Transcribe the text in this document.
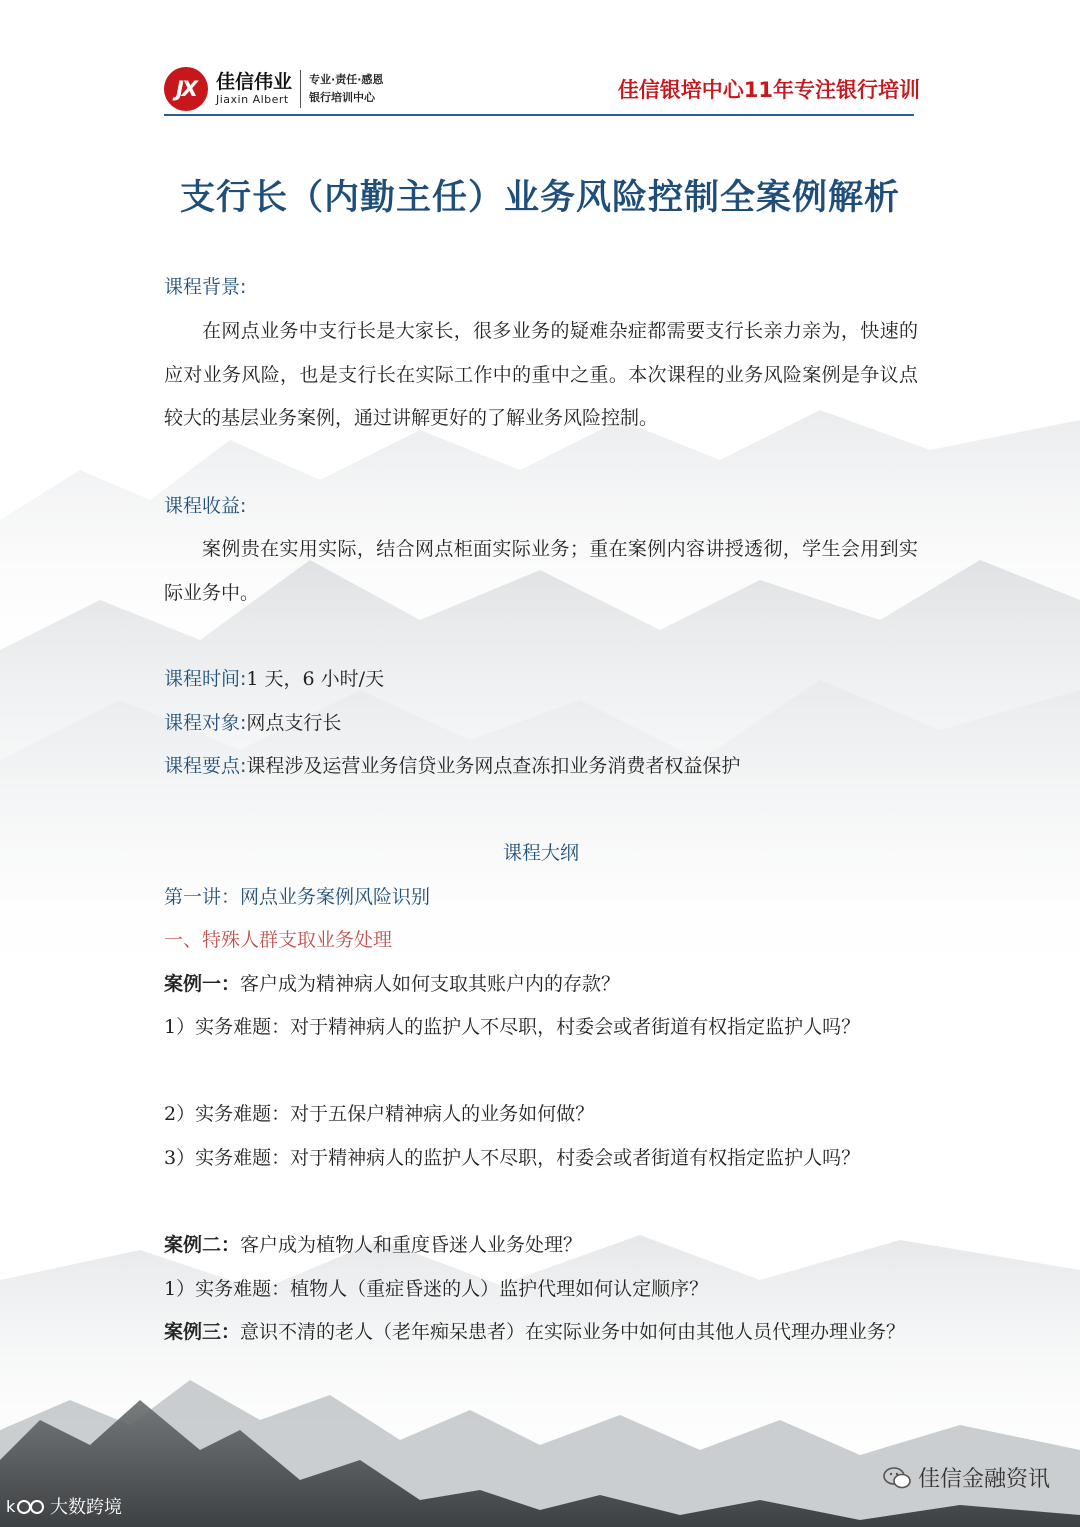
JX	佳信伟业
Jiaxin Albert
专业·责任·感恩
银行培训中心	佳信银培中心11年专注银行培训
支行长（内勤主任）业务风险控制全案例解析
课程背景:

在网点业务中支行长是大家长，很多业务的疑难杂症都需要支行长亲力亲为，快速的应对业务风险，也是支行长在实际工作中的重中之重。本次课程的业务风险案例是争议点较大的基层业务案例，通过讲解更好的了解业务风险控制。

课程收益:

案例贵在实用实际，结合网点柜面实际业务；重在案例内容讲授透彻，学生会用到实际业务中。

课程时间:1 天，6 小时/天
课程对象:网点支行长
课程要点:课程涉及运营业务信贷业务网点查冻扣业务消费者权益保护
课程大纲
第一讲：网点业务案例风险识别
一、特殊人群支取业务处理
案例一：客户成为精神病人如何支取其账户内的存款？
1）实务难题：对于精神病人的监护人不尽职，村委会或者街道有权指定监护人吗？
2）实务难题：对于五保户精神病人的业务如何做？
3）实务难题：对于精神病人的监护人不尽职，村委会或者街道有权指定监护人吗？
案例二：客户成为植物人和重度昏迷人业务处理？
1）实务难题：植物人（重症昏迷的人）监护代理如何认定顺序？
案例三：意识不清的老人（老年痴呆患者）在实际业务中如何由其他人员代理办理业务？
佳信金融资讯
k 大数跨境
